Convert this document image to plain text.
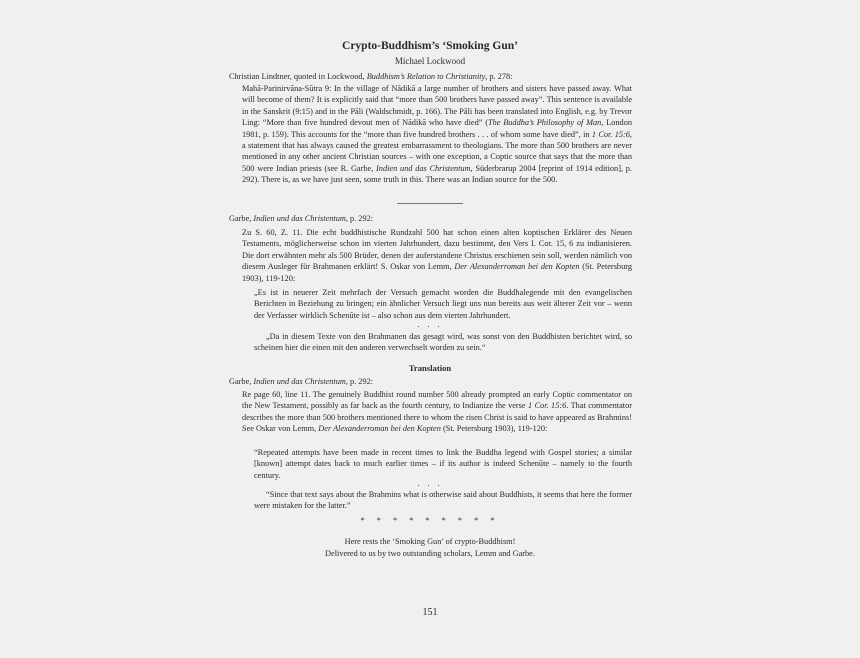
Crypto-Buddhism’s ‘Smoking Gun’
Michael Lockwood
Christian Lindtner, quoted in Lockwood, Buddhism’s Relation to Christianity, p. 278:
Mahā-Parinirvāna-Sūtra 9: In the village of Nādikā a large number of brothers and sisters have passed away. What will become of them? It is explicitly said that “more than 500 brothers have passed away”. This sentence is available in the Sanskrit (9:15) and in the Pāli (Waldschmidt, p. 166). The Pāli has been translated into English, e.g. by Trevor Ling: “More than five hundred devout men of Nādikā who have died” (The Buddha’s Philosophy of Man, London 1981, p. 159). This accounts for the “more than five hundred brothers . . . of whom some have died”, in 1 Cor. 15:6, a statement that has always caused the greatest embarrassment to theologians. The more than 500 brothers are never mentioned in any other ancient Christian sources – with one exception, a Coptic source that says that the more than 500 were Indian priests (see R. Garbe, Indien und das Christentum, Süderbrarup 2004 [reprint of 1914 edition], p. 292). There is, as we have just seen, some truth in this. There was an Indian source for the 500.
Garbe, Indien und das Christentum, p. 292:
Zu S. 60, Z. 11. Die echt buddhistische Rundzahl 500 hat schon einen alten koptischen Erklärer des Neuen Testaments, möglicherweise schon im vierten Jahrhundert, dazu bestimmt, den Vers I. Cor. 15, 6 zu indianisieren. Die dort erwähnten mehr als 500 Brüder, denen der auferstandene Christus erschienen sein soll, werden nämlich von diesem Ausleger für Brahmanen erklärt! S. Oskar von Lemm, Der Alexanderroman bei den Kopten (St. Petersburg 1903), 119-120:
„Es ist in neuerer Zeit mehrfach der Versuch gemacht worden die Buddhalegende mit den evangelischen Berichten in Beziehung zu bringen; ein ähnlicher Versuch liegt uns nun bereits aus weit älterer Zeit vor – wenn der Verfasser wirklich Schenūte ist – also schon aus dem vierten Jahrhundert.
. . .
„Da in diesem Texte von den Brahmanen das gesagt wird, was sonst von den Buddhisten berichtet wird, so scheinen hier die einen mit den anderen verwechselt worden zu sein.“
Translation
Garbe, Indien und das Christentum, p. 292:
Re page 60, line 11. The genuinely Buddhist round number 500 already prompted an early Coptic commentator on the New Testament, possibly as far back as the fourth century, to Indianize the verse 1 Cor. 15:6. That commentator describes the more than 500 brothers mentioned there to whom the risen Christ is said to have appeared as Brahmins! See Oskar von Lemm, Der Alexanderroman bei den Kopten (St. Petersburg 1903), 119-120:
“Repeated attempts have been made in recent times to link the Buddha legend with Gospel stories; a similar [known] attempt dates back to much earlier times – if its author is indeed Schenūte – namely to the fourth century.
. . .
“Since that text says about the Brahmins what is otherwise said about Buddhists, it seems that here the former were mistaken for the latter.”
* * * * * * * * *
Here rests the ‘Smoking Gun’ of crypto-Buddhism!
Delivered to us by two outstanding scholars, Lemm and Garbe.
151
